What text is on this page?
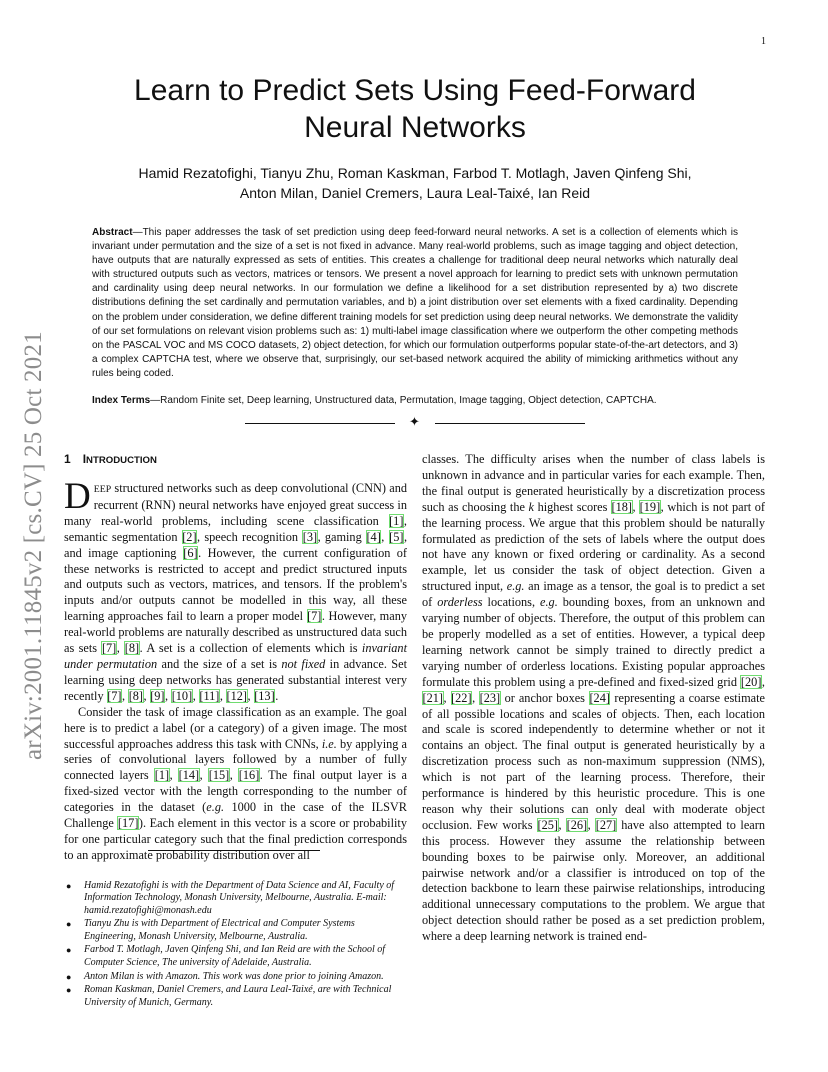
1
arXiv:2001.11845v2 [cs.CV] 25 Oct 2021
Learn to Predict Sets Using Feed-Forward
Neural Networks
Hamid Rezatofighi, Tianyu Zhu, Roman Kaskman, Farbod T. Motlagh, Javen Qinfeng Shi,
Anton Milan, Daniel Cremers, Laura Leal-Taixé, Ian Reid
Abstract—This paper addresses the task of set prediction using deep feed-forward neural networks. A set is a collection of elements which is invariant under permutation and the size of a set is not fixed in advance. Many real-world problems, such as image tagging and object detection, have outputs that are naturally expressed as sets of entities. This creates a challenge for traditional deep neural networks which naturally deal with structured outputs such as vectors, matrices or tensors. We present a novel approach for learning to predict sets with unknown permutation and cardinality using deep neural networks. In our formulation we define a likelihood for a set distribution represented by a) two discrete distributions defining the set cardinally and permutation variables, and b) a joint distribution over set elements with a fixed cardinality. Depending on the problem under consideration, we define different training models for set prediction using deep neural networks. We demonstrate the validity of our set formulations on relevant vision problems such as: 1) multi-label image classification where we outperform the other competing methods on the PASCAL VOC and MS COCO datasets, 2) object detection, for which our formulation outperforms popular state-of-the-art detectors, and 3) a complex CAPTCHA test, where we observe that, surprisingly, our set-based network acquired the ability of mimicking arithmetics without any rules being coded.
Index Terms—Random Finite set, Deep learning, Unstructured data, Permutation, Image tagging, Object detection, CAPTCHA.
✦
1 INTRODUCTION

DEEP structured networks such as deep convolutional (CNN) and recurrent (RNN) neural networks have enjoyed great success in many real-world problems, including scene classification [1], semantic segmentation [2], speech recognition [3], gaming [4], [5], and image captioning [6]. However, the current configuration of these networks is restricted to accept and predict structured inputs and outputs such as vectors, matrices, and tensors. If the problem's inputs and/or outputs cannot be modelled in this way, all these learning approaches fail to learn a proper model [7]. However, many real-world problems are naturally described as unstructured data such as sets [7], [8]. A set is a collection of elements which is invariant under permutation and the size of a set is not fixed in advance. Set learning using deep networks has generated substantial interest very recently [7], [8], [9], [10], [11], [12], [13].

Consider the task of image classification as an example. The goal here is to predict a label (or a category) of a given image. The most successful approaches address this task with CNNs, i.e. by applying a series of convolutional layers followed by a number of fully connected layers [1], [14], [15], [16]. The final output layer is a fixed-sized vector with the length corresponding to the number of categories in the dataset (e.g. 1000 in the case of the ILSVR Challenge [17]). Each element in this vector is a score or probability for one particular category such that the final prediction corresponds to an approximate probability distribution over all

classes. The difficulty arises when the number of class labels is unknown in advance and in particular varies for each example. Then, the final output is generated heuristically by a discretization process such as choosing the k highest scores [18], [19], which is not part of the learning process. We argue that this problem should be naturally formulated as prediction of the sets of labels where the output does not have any known or fixed ordering or cardinality. As a second example, let us consider the task of object detection. Given a structured input, e.g. an image as a tensor, the goal is to predict a set of orderless locations, e.g. bounding boxes, from an unknown and varying number of objects. Therefore, the output of this problem can be properly modelled as a set of entities. However, a typical deep learning network cannot be simply trained to directly predict a varying number of orderless locations. Existing popular approaches formulate this problem using a pre-defined and fixed-sized grid [20], [21], [22], [23] or anchor boxes [24] representing a coarse estimate of all possible locations and scales of objects. Then, each location and scale is scored independently to determine whether or not it contains an object. The final output is generated heuristically by a discretization process such as non-maximum suppression (NMS), which is not part of the learning process. Therefore, their performance is hindered by this heuristic procedure. This is one reason why their solutions can only deal with moderate object occlusion. Few works [25], [26], [27] have also attempted to learn this process. However they assume the relationship between bounding boxes to be pairwise only. Moreover, an additional pairwise network and/or a classifier is introduced on top of the detection backbone to learn these pairwise relationships, introducing additional unnecessary computations to the problem. We argue that object detection should rather be posed as a set prediction problem, where a deep learning network is trained end-

● Hamid Rezatofighi is with the Department of Data Science and AI, Faculty of Information Technology, Monash University, Melbourne, Australia. E-mail: hamid.rezatofighi@monash.edu
● Tianyu Zhu is with Department of Electrical and Computer Systems Engineering, Monash University, Melbourne, Australia.
● Farbod T. Motlagh, Javen Qinfeng Shi, and Ian Reid are with the School of Computer Science, The university of Adelaide, Australia.
● Anton Milan is with Amazon. This work was done prior to joining Amazon.
● Roman Kaskman, Daniel Cremers, and Laura Leal-Taixé, are with Technical University of Munich, Germany.
